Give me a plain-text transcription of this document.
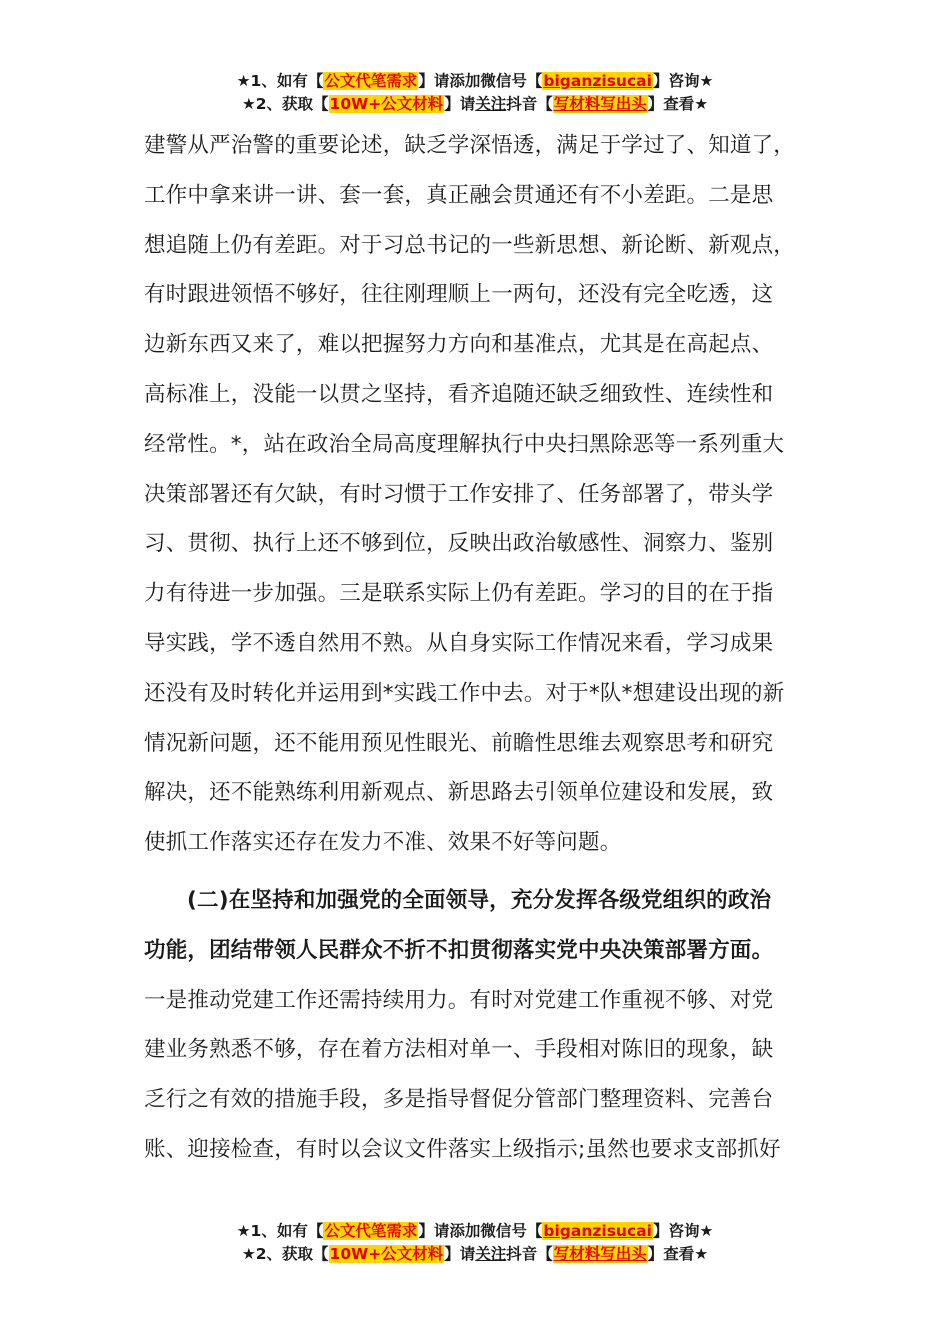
★1、如有【公文代笔需求】请添加微信号【biganzisucai】咨询★
★2、获取【10W+公文材料】请关注抖音【写材料写出头】查看★

建警从严治警的重要论述，缺乏学深悟透，满足于学过了、知道了，
工作中拿来讲一讲、套一套，真正融会贯通还有不小差距。二是思
想追随上仍有差距。对于习总书记的一些新思想、新论断、新观点，
有时跟进领悟不够好，往往刚理顺上一两句，还没有完全吃透，这
边新东西又来了，难以把握努力方向和基准点，尤其是在高起点、
高标准上，没能一以贯之坚持，看齐追随还缺乏细致性、连续性和
经常性。*，站在政治全局高度理解执行中央扫黑除恶等一系列重大
决策部署还有欠缺，有时习惯于工作安排了、任务部署了，带头学
习、贯彻、执行上还不够到位，反映出政治敏感性、洞察力、鉴别
力有待进一步加强。三是联系实际上仍有差距。学习的目的在于指
导实践，学不透自然用不熟。从自身实际工作情况来看，学习成果
还没有及时转化并运用到*实践工作中去。对于*队*想建设出现的新
情况新问题，还不能用预见性眼光、前瞻性思维去观察思考和研究
解决，还不能熟练利用新观点、新思路去引领单位建设和发展，致
使抓工作落实还存在发力不准、效果不好等问题。

(二)在坚持和加强党的全面领导，充分发挥各级党组织的政治
功能，团结带领人民群众不折不扣贯彻落实党中央决策部署方面。

一是推动党建工作还需持续用力。有时对党建工作重视不够、对党
建业务熟悉不够，存在着方法相对单一、手段相对陈旧的现象，缺
乏行之有效的措施手段，多是指导督促分管部门整理资料、完善台
账、迎接检查，有时以会议文件落实上级指示;虽然也要求支部抓好

★1、如有【公文代笔需求】请添加微信号【biganzisucai】咨询★
★2、获取【10W+公文材料】请关注抖音【写材料写出头】查看★
